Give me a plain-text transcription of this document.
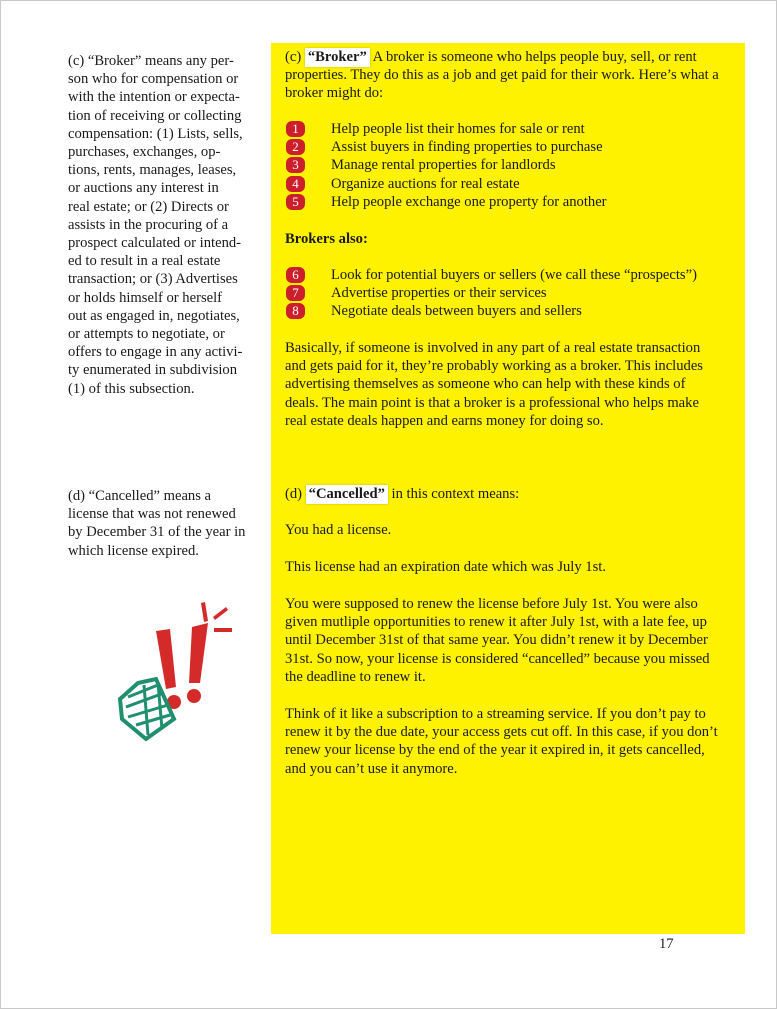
(c) “Broker” means any per-
son who for compensation or
with the intention or expecta-
tion of receiving or collecting
compensation: (1) Lists, sells,
purchases, exchanges, op-
tions, rents, manages, leases,
or auctions any interest in
real estate; or (2) Directs or
assists in the procuring of a
prospect calculated or intend-
ed to result in a real estate
transaction; or (3) Advertises
or holds himself or herself
out as engaged in, negotiates,
or attempts to negotiate, or
offers to engage in any activi-
ty enumerated in subdivision
(1) of this subsection.
(d) “Cancelled” means a
license that was not renewed
by December 31 of the year in
which license expired.

(c) “Broker” A broker is someone who helps people buy, sell, or rent
properties. They do this as a job and get paid for their work. Here’s what a
broker might do:

1	Help people list their homes for sale or rent
2	Assist buyers in finding properties to purchase
3	Manage rental properties for landlords
4	Organize auctions for real estate
5	Help people exchange one property for another

Brokers also:

6	Look for potential buyers or sellers (we call these “prospects”)
7	Advertise properties or their services
8	Negotiate deals between buyers and sellers

Basically, if someone is involved in any part of a real estate transaction
and gets paid for it, they’re probably working as a broker. This includes
advertising themselves as someone who can help with these kinds of
deals. The main point is that a broker is a professional who helps make
real estate deals happen and earns money for doing so.

(d) “Cancelled” in this context means:

You had a license.

This license had an expiration date which was July 1st.

You were supposed to renew the license before July 1st. You were also
given mutliple opportunities to renew it after July 1st, with a late fee, up
until December 31st of that same year. You didn’t renew it by December
31st. So now, your license is considered “cancelled” because you missed
the deadline to renew it.

Think of it like a subscription to a streaming service. If you don’t pay to
renew it by the due date, your access gets cut off. In this case, if you don’t
renew your license by the end of the year it expired in, it gets cancelled,
and you can’t use it anymore.

17
